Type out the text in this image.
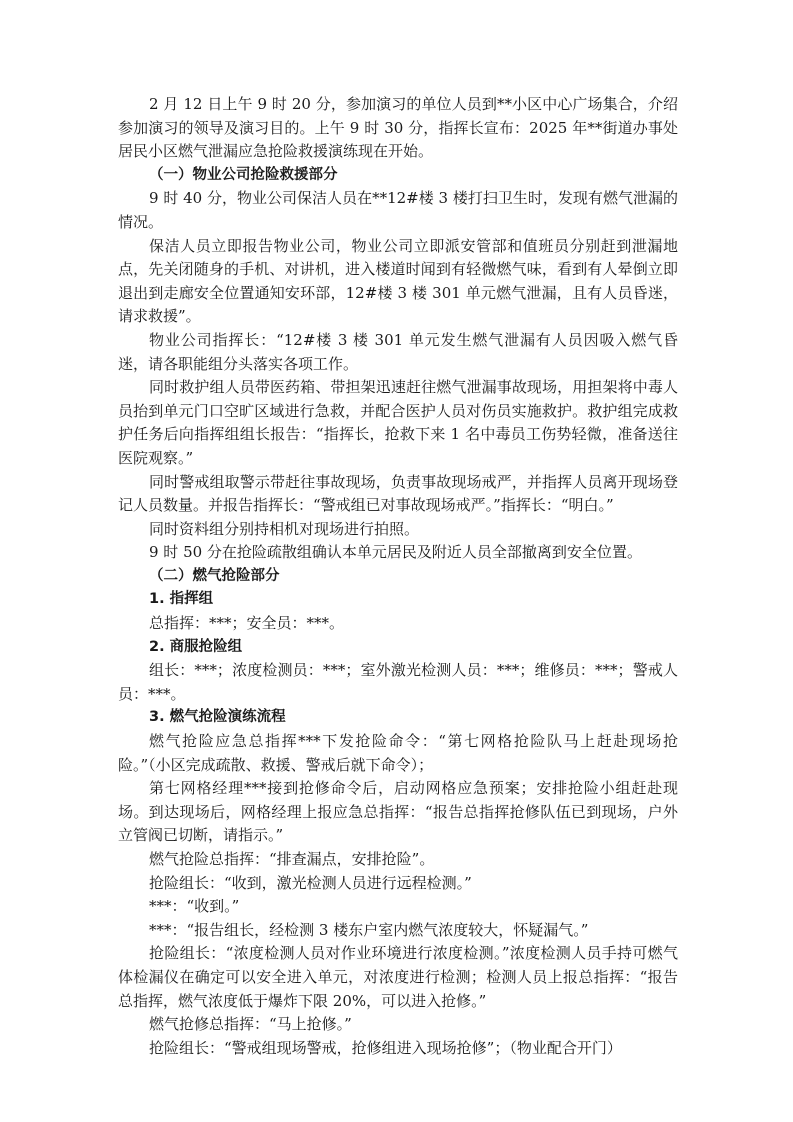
2 月 12 日上午 9 时 20 分，参加演习的单位人员到**小区中心广场集合，介绍参加演习的领导及演习目的。上午 9 时 30 分，指挥长宣布：2025 年**街道办事处居民小区燃气泄漏应急抢险救援演练现在开始。

（一）物业公司抢险救援部分

9 时 40 分，物业公司保洁人员在**12#楼 3 楼打扫卫生时，发现有燃气泄漏的情况。

保洁人员立即报告物业公司，物业公司立即派安管部和值班员分别赶到泄漏地点，先关闭随身的手机、对讲机，进入楼道时闻到有轻微燃气味，看到有人晕倒立即退出到走廊安全位置通知安环部，12#楼 3 楼 301 单元燃气泄漏，且有人员昏迷，请求救援”。

物业公司指挥长：“12#楼 3 楼 301 单元发生燃气泄漏有人员因吸入燃气昏迷，请各职能组分头落实各项工作。

同时救护组人员带医药箱、带担架迅速赶往燃气泄漏事故现场，用担架将中毒人员抬到单元门口空旷区域进行急救，并配合医护人员对伤员实施救护。救护组完成救护任务后向指挥组组长报告：“指挥长，抢救下来 1 名中毒员工伤势轻微，准备送往医院观察。”

同时警戒组取警示带赶往事故现场，负责事故现场戒严，并指挥人员离开现场登记人员数量。并报告指挥长：“警戒组已对事故现场戒严。”指挥长：“明白。”

同时资料组分别持相机对现场进行拍照。

9 时 50 分在抢险疏散组确认本单元居民及附近人员全部撤离到安全位置。

（二）燃气抢险部分

1. 指挥组

总指挥：***；安全员：***。

2. 商服抢险组

组长：***；浓度检测员：***；室外激光检测人员：***；维修员：***；警戒人员：***。

3. 燃气抢险演练流程

燃气抢险应急总指挥***下发抢险命令：“第七网格抢险队马上赶赴现场抢险。”（小区完成疏散、救援、警戒后就下命令）；

第七网格经理***接到抢修命令后，启动网格应急预案；安排抢险小组赶赴现场。到达现场后，网格经理上报应急总指挥：“报告总指挥抢修队伍已到现场，户外立管阀已切断，请指示。”

燃气抢险总指挥：“排查漏点，安排抢险”。

抢险组长：“收到，激光检测人员进行远程检测。”

***：“收到。”

***：“报告组长，经检测 3 楼东户室内燃气浓度较大，怀疑漏气。”

抢险组长：“浓度检测人员对作业环境进行浓度检测。”浓度检测人员手持可燃气体检漏仪在确定可以安全进入单元，对浓度进行检测；检测人员上报总指挥：“报告总指挥，燃气浓度低于爆炸下限 20%，可以进入抢修。”

燃气抢修总指挥：“马上抢修。”

抢险组长：“警戒组现场警戒，抢修组进入现场抢修”；（物业配合开门）
